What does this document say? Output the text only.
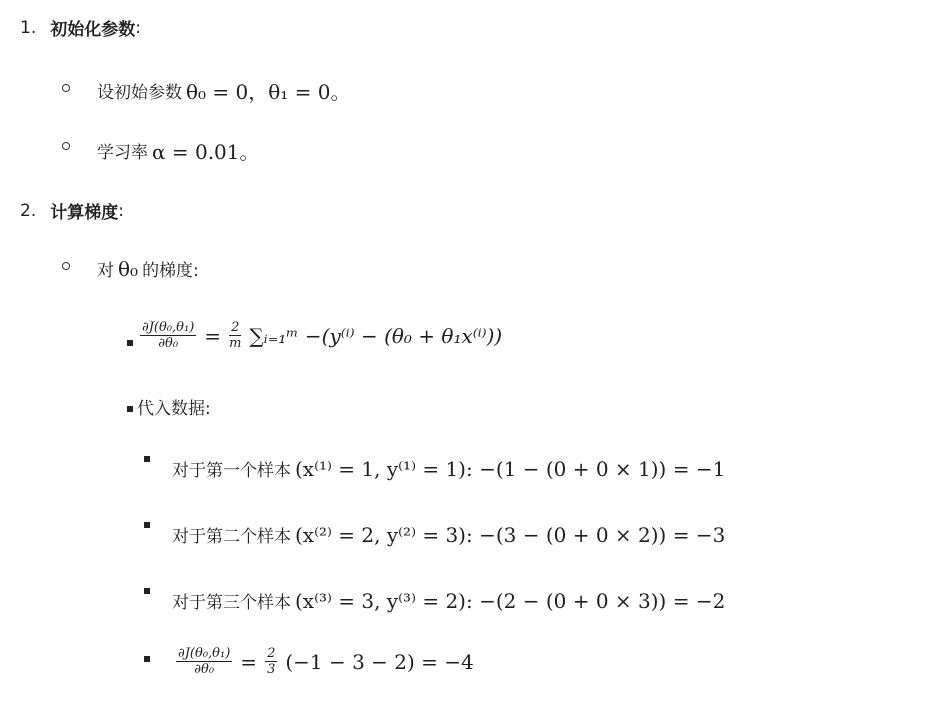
1. 初始化参数 :
设初始参数 θ₀ = 0，θ₁ = 0。
学习率 α = 0.01。
2. 计算梯度 :
对 θ₀ 的梯度:
$\frac{\text{∂J(θ₀,θ₁)}}{\text{∂θ₀}} = \frac{2}{m}$ ∑ᵢ₌₁ᵐ −(y⁽ⁱ⁾ − (θ₀ + θ₁x⁽ⁱ⁾))
代入数据:
对于第一个样本 (x⁽¹⁾ = 1, y⁽¹⁾ = 1): −(1 − (0 + 0 × 1)) = −1
对于第二个样本 (x⁽²⁾ = 2, y⁽²⁾ = 3): −(3 − (0 + 0 × 2)) = −3
对于第三个样本 (x⁽³⁾ = 3, y⁽³⁾ = 2): −(2 − (0 + 0 × 3)) = −2
$\frac{\text{∂J(θ₀,θ₁)}}{\text{∂θ₀}} = \frac{2}{3} (-1 - 3 - 2) = -4$
